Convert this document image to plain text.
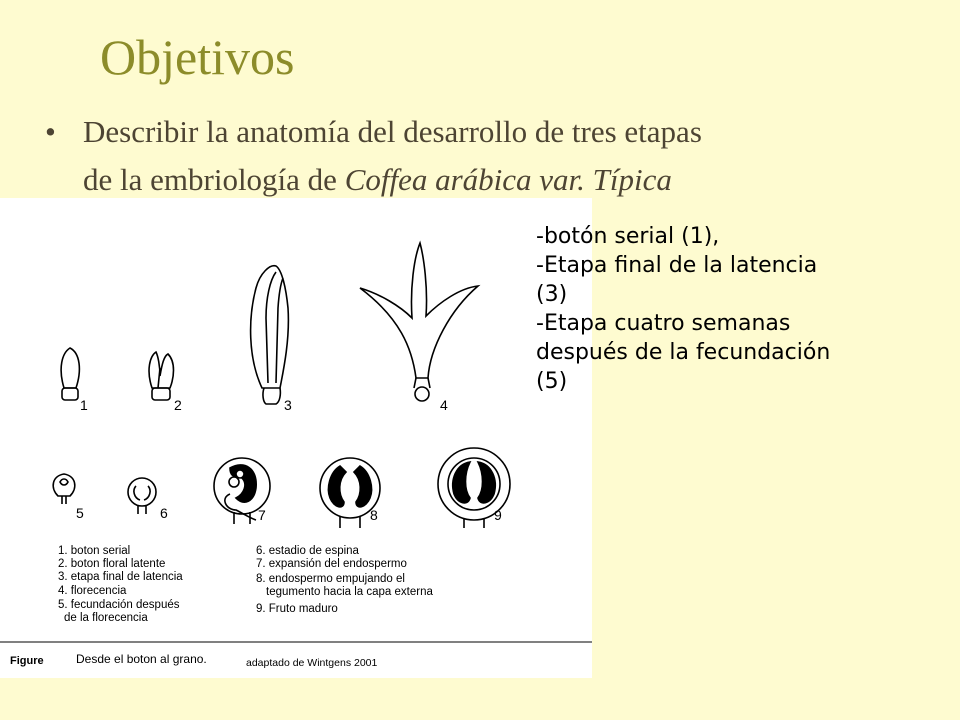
Objetivos
• Describir la anatomía del desarrollo de tres etapas
de la embriología de Coffea arábica var. Típica
1	2	3	4
5	6	7	8	9
1. boton serial
2. boton floral latente
3. etapa final de latencia
4. florecencia
5. fecundación después
de la florecencia
6. estadio de espina
7. expansión del endospermo
8. endospermo empujando el
tegumento hacia la capa externa
9. Fruto maduro
Figure	Desde el boton al grano.	adaptado de Wintgens 2001
-botón serial (1),
-Etapa final de la latencia
(3)
-Etapa cuatro semanas
después de la fecundación
(5)
